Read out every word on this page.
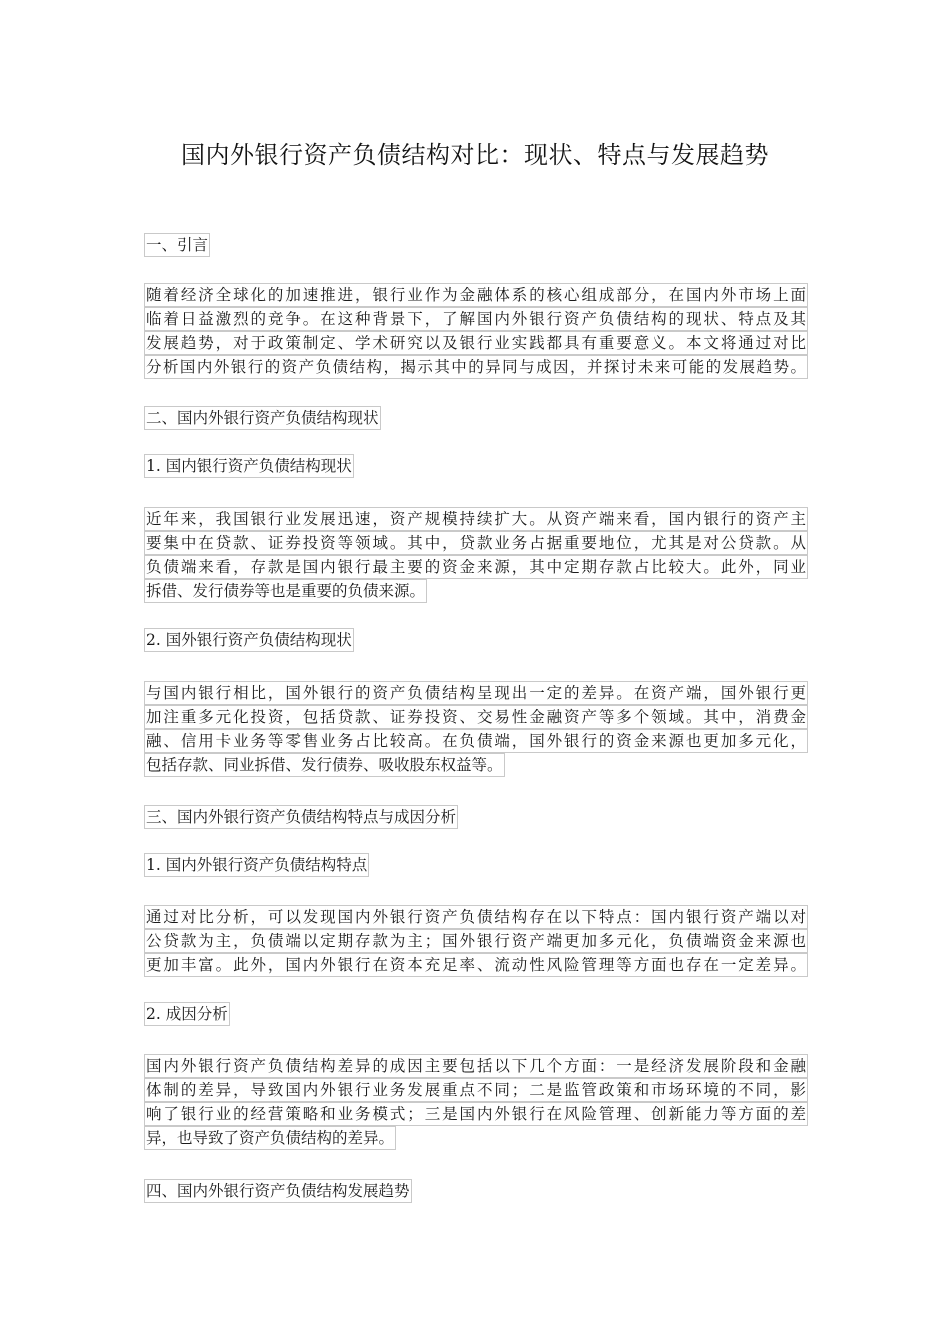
国内外银行资产负债结构对比：现状、特点与发展趋势
一、引言
随着经济全球化的加速推进，银行业作为金融体系的核心组成部分，在国内外市场上面
临着日益激烈的竞争。在这种背景下，了解国内外银行资产负债结构的现状、特点及其
发展趋势，对于政策制定、学术研究以及银行业实践都具有重要意义。本文将通过对比
分析国内外银行的资产负债结构，揭示其中的异同与成因，并探讨未来可能的发展趋势。
二、国内外银行资产负债结构现状
1. 国内银行资产负债结构现状
近年来，我国银行业发展迅速，资产规模持续扩大。从资产端来看，国内银行的资产主
要集中在贷款、证券投资等领域。其中，贷款业务占据重要地位，尤其是对公贷款。从
负债端来看，存款是国内银行最主要的资金来源，其中定期存款占比较大。此外，同业
拆借、发行债券等也是重要的负债来源。
2. 国外银行资产负债结构现状
与国内银行相比，国外银行的资产负债结构呈现出一定的差异。在资产端，国外银行更
加注重多元化投资，包括贷款、证券投资、交易性金融资产等多个领域。其中，消费金
融、信用卡业务等零售业务占比较高。在负债端，国外银行的资金来源也更加多元化，
包括存款、同业拆借、发行债券、吸收股东权益等。
三、国内外银行资产负债结构特点与成因分析
1. 国内外银行资产负债结构特点
通过对比分析，可以发现国内外银行资产负债结构存在以下特点：国内银行资产端以对
公贷款为主，负债端以定期存款为主；国外银行资产端更加多元化，负债端资金来源也
更加丰富。此外，国内外银行在资本充足率、流动性风险管理等方面也存在一定差异。
2. 成因分析
国内外银行资产负债结构差异的成因主要包括以下几个方面：一是经济发展阶段和金融
体制的差异，导致国内外银行业务发展重点不同；二是监管政策和市场环境的不同，影
响了银行业的经营策略和业务模式；三是国内外银行在风险管理、创新能力等方面的差
异，也导致了资产负债结构的差异。
四、国内外银行资产负债结构发展趋势
